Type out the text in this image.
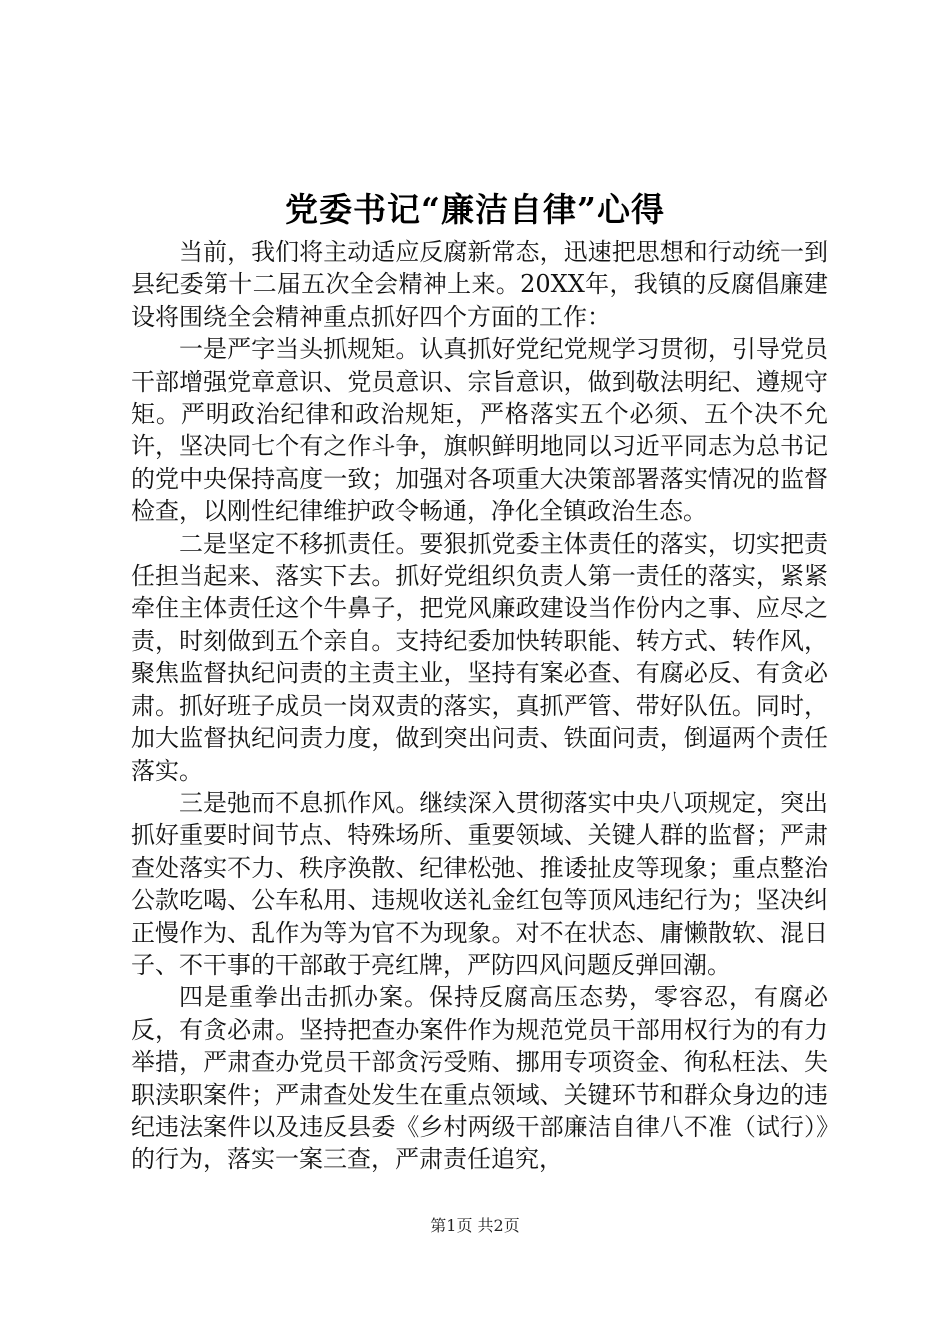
党委书记“廉洁自律”心得

当前，我们将主动适应反腐新常态，迅速把思想和行动统一到县纪委第十二届五次全会精神上来。20XX年，我镇的反腐倡廉建设将围绕全会精神重点抓好四个方面的工作：

一是严字当头抓规矩。认真抓好党纪党规学习贯彻，引导党员干部增强党章意识、党员意识、宗旨意识，做到敬法明纪、遵规守矩。严明政治纪律和政治规矩，严格落实五个必须、五个决不允许，坚决同七个有之作斗争，旗帜鲜明地同以习近平同志为总书记的党中央保持高度一致；加强对各项重大决策部署落实情况的监督检查，以刚性纪律维护政令畅通，净化全镇政治生态。

二是坚定不移抓责任。要狠抓党委主体责任的落实，切实把责任担当起来、落实下去。抓好党组织负责人第一责任的落实，紧紧牵住主体责任这个牛鼻子，把党风廉政建设当作份内之事、应尽之责，时刻做到五个亲自。支持纪委加快转职能、转方式、转作风，聚焦监督执纪问责的主责主业，坚持有案必查、有腐必反、有贪必肃。抓好班子成员一岗双责的落实，真抓严管、带好队伍。同时，加大监督执纪问责力度，做到突出问责、铁面问责，倒逼两个责任落实。

三是弛而不息抓作风。继续深入贯彻落实中央八项规定，突出抓好重要时间节点、特殊场所、重要领域、关键人群的监督；严肃查处落实不力、秩序涣散、纪律松弛、推诿扯皮等现象；重点整治公款吃喝、公车私用、违规收送礼金红包等顶风违纪行为；坚决纠正慢作为、乱作为等为官不为现象。对不在状态、庸懒散软、混日子、不干事的干部敢于亮红牌，严防四风问题反弹回潮。

四是重拳出击抓办案。保持反腐高压态势，零容忍，有腐必反，有贪必肃。坚持把查办案件作为规范党员干部用权行为的有力举措，严肃查办党员干部贪污受贿、挪用专项资金、徇私枉法、失职渎职案件；严肃查处发生在重点领域、关键环节和群众身边的违纪违法案件以及违反县委《乡村两级干部廉洁自律八不准（试行）》的行为，落实一案三查，严肃责任追究，

第1页 共2页
